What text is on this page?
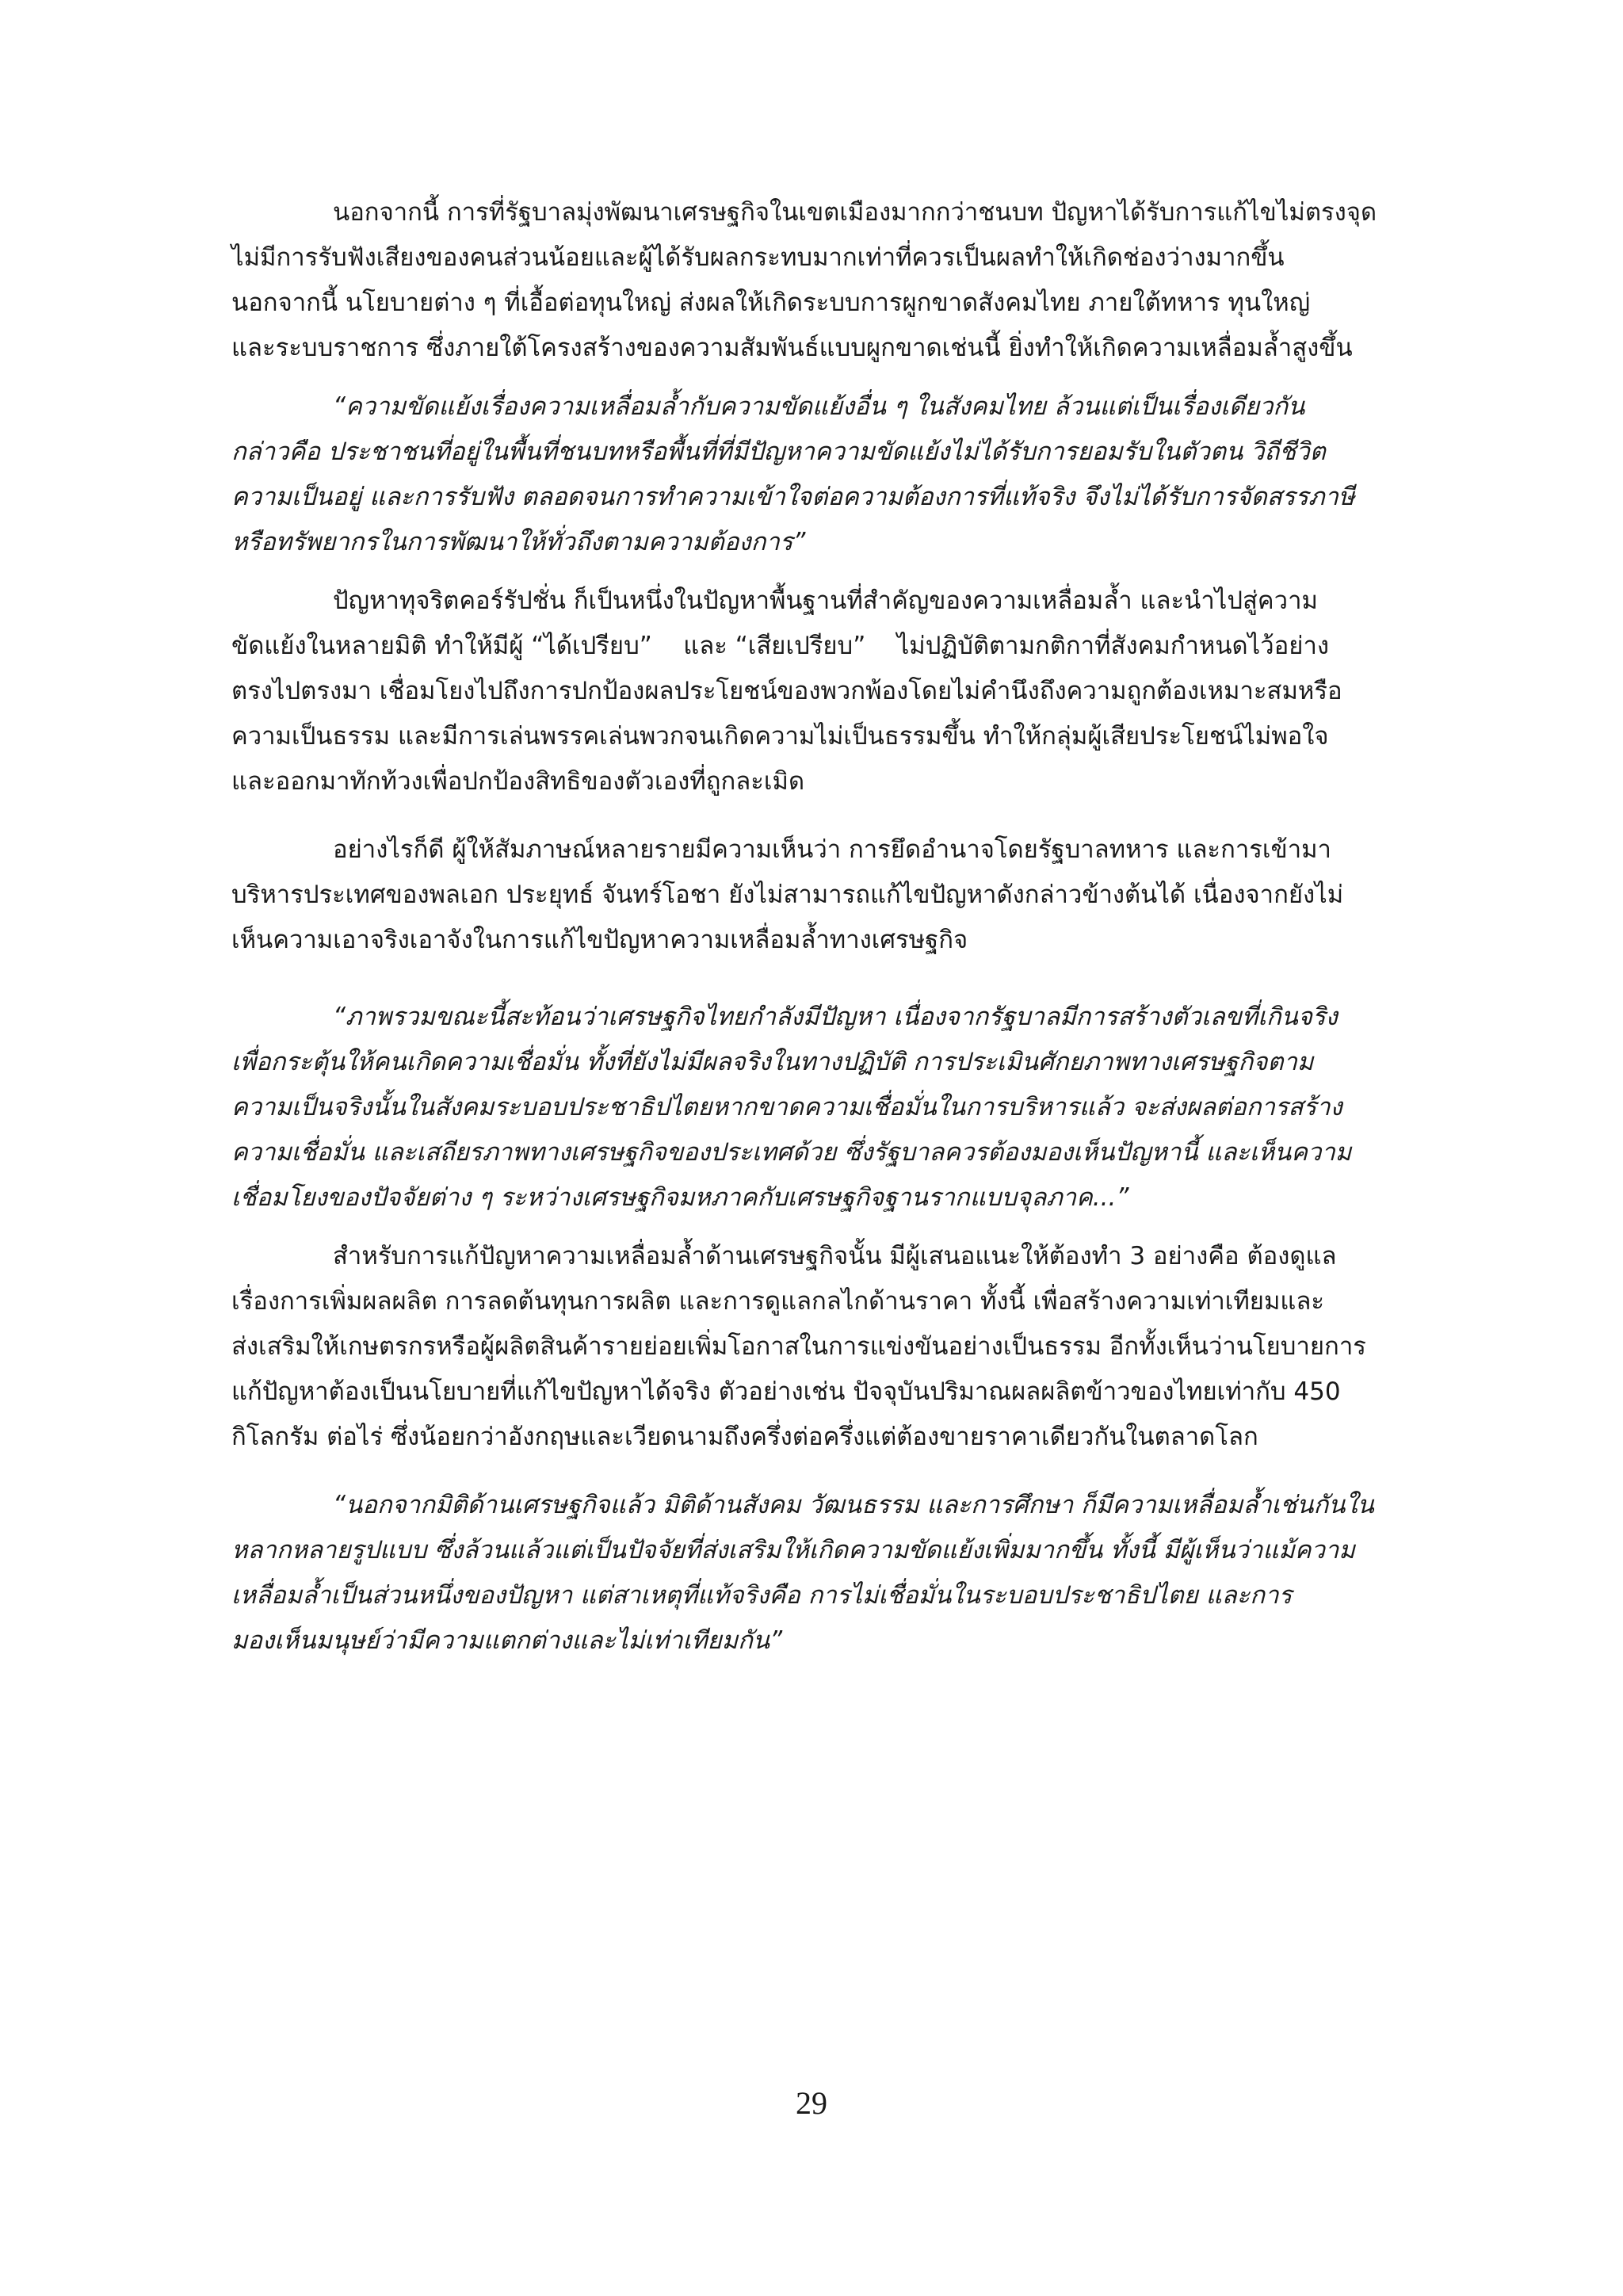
นอกจากนี้ การที่รัฐบาลมุ่งพัฒนาเศรษฐกิจในเขตเมืองมากกว่าชนบท ปัญหาได้รับการแก้ไขไม่ตรงจุด
ไม่มีการรับฟังเสียงของคนส่วนน้อยและผู้ได้รับผลกระทบมากเท่าที่ควรเป็นผลทำให้เกิดช่องว่างมากขึ้น
นอกจากนี้ นโยบายต่าง ๆ ที่เอื้อต่อทุนใหญ่ ส่งผลให้เกิดระบบการผูกขาดสังคมไทย ภายใต้ทหาร ทุนใหญ่
และระบบราชการ ซึ่งภายใต้โครงสร้างของความสัมพันธ์แบบผูกขาดเช่นนี้ ยิ่งทำให้เกิดความเหลื่อมล้ำสูงขึ้น
“ความขัดแย้งเรื่องความเหลื่อมล้ำกับความขัดแย้งอื่น ๆ ในสังคมไทย ล้วนแต่เป็นเรื่องเดียวกัน
กล่าวคือ ประชาชนที่อยู่ในพื้นที่ชนบทหรือพื้นที่ที่มีปัญหาความขัดแย้งไม่ได้รับการยอมรับในตัวตน วิถีชีวิต
ความเป็นอยู่ และการรับฟัง ตลอดจนการทำความเข้าใจต่อความต้องการที่แท้จริง จึงไม่ได้รับการจัดสรรภาษี
หรือทรัพยากรในการพัฒนาให้ทั่วถึงตามความต้องการ”
ปัญหาทุจริตคอร์รัปชั่น ก็เป็นหนึ่งในปัญหาพื้นฐานที่สำคัญของความเหลื่อมล้ำ และนำไปสู่ความ
ขัดแย้งในหลายมิติ ทำให้มีผู้ “ได้เปรียบ”    และ “เสียเปรียบ”    ไม่ปฏิบัติตามกติกาที่สังคมกำหนดไว้อย่าง
ตรงไปตรงมา เชื่อมโยงไปถึงการปกป้องผลประโยชน์ของพวกพ้องโดยไม่คำนึงถึงความถูกต้องเหมาะสมหรือ
ความเป็นธรรม และมีการเล่นพรรคเล่นพวกจนเกิดความไม่เป็นธรรมขึ้น ทำให้กลุ่มผู้เสียประโยชน์ไม่พอใจ
และออกมาทักท้วงเพื่อปกป้องสิทธิของตัวเองที่ถูกละเมิด
อย่างไรก็ดี ผู้ให้สัมภาษณ์หลายรายมีความเห็นว่า การยึดอำนาจโดยรัฐบาลทหาร และการเข้ามา
บริหารประเทศของพลเอก ประยุทธ์ จันทร์โอชา ยังไม่สามารถแก้ไขปัญหาดังกล่าวข้างต้นได้ เนื่องจากยังไม่
เห็นความเอาจริงเอาจังในการแก้ไขปัญหาความเหลื่อมล้ำทางเศรษฐกิจ
“ภาพรวมขณะนี้สะท้อนว่าเศรษฐกิจไทยกำลังมีปัญหา เนื่องจากรัฐบาลมีการสร้างตัวเลขที่เกินจริง
เพื่อกระตุ้นให้คนเกิดความเชื่อมั่น ทั้งที่ยังไม่มีผลจริงในทางปฏิบัติ การประเมินศักยภาพทางเศรษฐกิจตาม
ความเป็นจริงนั้นในสังคมระบอบประชาธิปไตยหากขาดความเชื่อมั่นในการบริหารแล้ว จะส่งผลต่อการสร้าง
ความเชื่อมั่น และเสถียรภาพทางเศรษฐกิจของประเทศด้วย ซึ่งรัฐบาลควรต้องมองเห็นปัญหานี้ และเห็นความ
เชื่อมโยงของปัจจัยต่าง ๆ ระหว่างเศรษฐกิจมหภาคกับเศรษฐกิจฐานรากแบบจุลภาค...”
สำหรับการแก้ปัญหาความเหลื่อมล้ำด้านเศรษฐกิจนั้น มีผู้เสนอแนะให้ต้องทำ 3 อย่างคือ ต้องดูแล
เรื่องการเพิ่มผลผลิต การลดต้นทุนการผลิต และการดูแลกลไกด้านราคา ทั้งนี้ เพื่อสร้างความเท่าเทียมและ
ส่งเสริมให้เกษตรกรหรือผู้ผลิตสินค้ารายย่อยเพิ่มโอกาสในการแข่งขันอย่างเป็นธรรม อีกทั้งเห็นว่านโยบายการ
แก้ปัญหาต้องเป็นนโยบายที่แก้ไขปัญหาได้จริง ตัวอย่างเช่น ปัจจุบันปริมาณผลผลิตข้าวของไทยเท่ากับ 450
กิโลกรัม ต่อไร่ ซึ่งน้อยกว่าอังกฤษและเวียดนามถึงครึ่งต่อครึ่งแต่ต้องขายราคาเดียวกันในตลาดโลก
“นอกจากมิติด้านเศรษฐกิจแล้ว มิติด้านสังคม วัฒนธรรม และการศึกษา ก็มีความเหลื่อมล้ำเช่นกันใน
หลากหลายรูปแบบ ซึ่งล้วนแล้วแต่เป็นปัจจัยที่ส่งเสริมให้เกิดความขัดแย้งเพิ่มมากขึ้น ทั้งนี้ มีผู้เห็นว่าแม้ความ
เหลื่อมล้ำเป็นส่วนหนึ่งของปัญหา แต่สาเหตุที่แท้จริงคือ การไม่เชื่อมั่นในระบอบประชาธิปไตย และการ
มองเห็นมนุษย์ว่ามีความแตกต่างและไม่เท่าเทียมกัน”
29
